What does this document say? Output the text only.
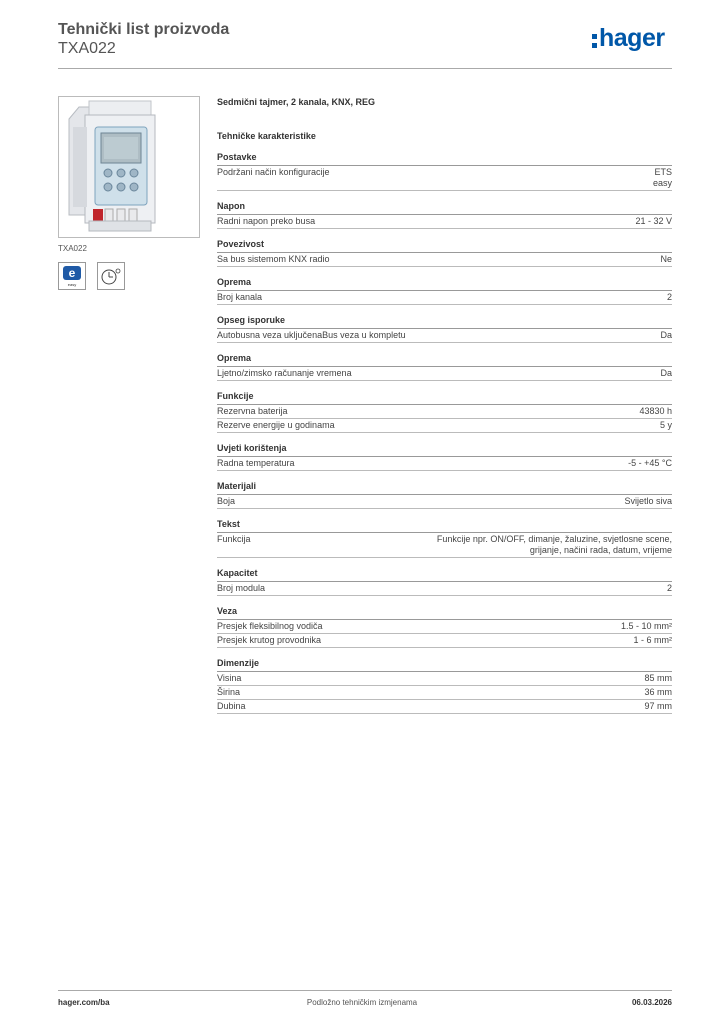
Tehnički list proizvoda
TXA022	hager
TXA022
e
easy
Sedmični tajmer, 2 kanala, KNX, REG
Tehničke karakteristike
Postavke
Podržani način konfiguracije	ETS
easy
Napon
Radni napon preko busa	21 - 32 V
Povezivost
Sa bus sistemom KNX radio	Ne
Oprema
Broj kanala	2
Opseg isporuke
Autobusna veza uključenaBus veza u kompletu	Da
Oprema
Ljetno/zimsko računanje vremena	Da
Funkcije
Rezervna baterija	43830 h
Rezerve energije u godinama	5 y
Uvjeti korištenja
Radna temperatura	-5 - +45 °C
Materijali
Boja	Svijetlo siva
Tekst
Funkcija	Funkcije npr. ON/OFF, dimanje, žaluzine, svjetlosne scene,
grijanje, načini rada, datum, vrijeme
Kapacitet
Broj modula	2
Veza
Presjek fleksibilnog vodiča	1.5 - 10 mm²
Presjek krutog provodnika	1 - 6 mm²
Dimenzije
Visina	85 mm
Širina	36 mm
Dubina	97 mm
hager.com/ba	Podložno tehničkim izmjenama	06.03.2026
